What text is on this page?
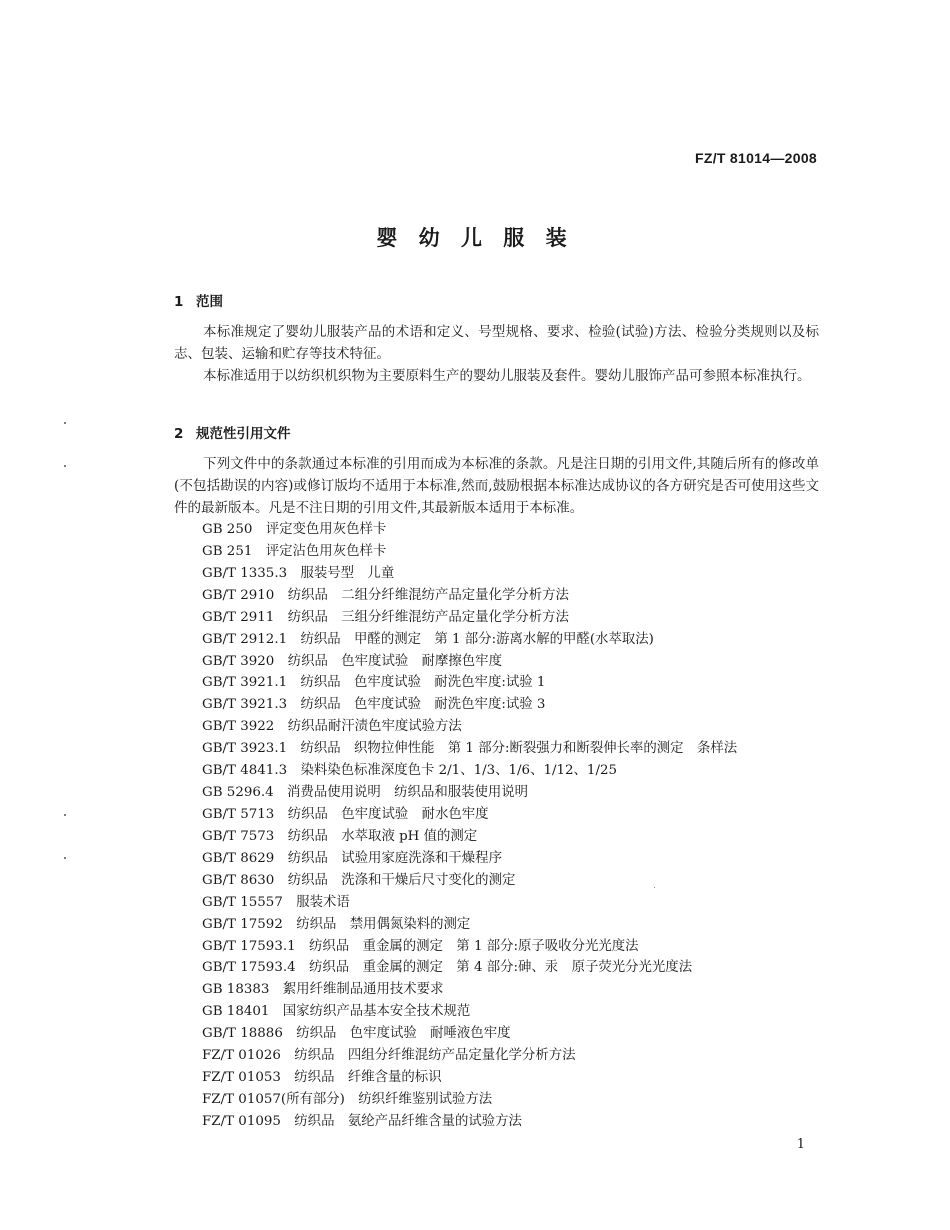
FZ/T 81014—2008
婴 幼 儿 服 装
1 范围
本标准规定了婴幼儿服装产品的术语和定义、号型规格、要求、检验(试验)方法、检验分类规则以及标志、包装、运输和贮存等技术特征。
本标准适用于以纺织机织物为主要原料生产的婴幼儿服装及套件。婴幼儿服饰产品可参照本标准执行。
2 规范性引用文件
下列文件中的条款通过本标准的引用而成为本标准的条款。凡是注日期的引用文件,其随后所有的修改单(不包括勘误的内容)或修订版均不适用于本标准,然而,鼓励根据本标准达成协议的各方研究是否可使用这些文件的最新版本。凡是不注日期的引用文件,其最新版本适用于本标准。
GB 250　评定变色用灰色样卡
GB 251　评定沾色用灰色样卡
GB/T 1335.3　服装号型　儿童
GB/T 2910　纺织品　二组分纤维混纺产品定量化学分析方法
GB/T 2911　纺织品　三组分纤维混纺产品定量化学分析方法
GB/T 2912.1　纺织品　甲醛的测定　第 1 部分:游离水解的甲醛(水萃取法)
GB/T 3920　纺织品　色牢度试验　耐摩擦色牢度
GB/T 3921.1　纺织品　色牢度试验　耐洗色牢度:试验 1
GB/T 3921.3　纺织品　色牢度试验　耐洗色牢度:试验 3
GB/T 3922　纺织品耐汗渍色牢度试验方法
GB/T 3923.1　纺织品　织物拉伸性能　第 1 部分:断裂强力和断裂伸长率的测定　条样法
GB/T 4841.3　染料染色标准深度色卡 2/1、1/3、1/6、1/12、1/25
GB 5296.4　消费品使用说明　纺织品和服装使用说明
GB/T 5713　纺织品　色牢度试验　耐水色牢度
GB/T 7573　纺织品　水萃取液 pH 值的测定
GB/T 8629　纺织品　试验用家庭洗涤和干燥程序
GB/T 8630　纺织品　洗涤和干燥后尺寸变化的测定
GB/T 15557　服装术语
GB/T 17592　纺织品　禁用偶氮染料的测定
GB/T 17593.1　纺织品　重金属的测定　第 1 部分:原子吸收分光光度法
GB/T 17593.4　纺织品　重金属的测定　第 4 部分:砷、汞　原子荧光分光光度法
GB 18383　絮用纤维制品通用技术要求
GB 18401　国家纺织产品基本安全技术规范
GB/T 18886　纺织品　色牢度试验　耐唾液色牢度
FZ/T 01026　纺织品　四组分纤维混纺产品定量化学分析方法
FZ/T 01053　纺织品　纤维含量的标识
FZ/T 01057(所有部分)　纺织纤维鉴别试验方法
FZ/T 01095　纺织品　氨纶产品纤维含量的试验方法
1
